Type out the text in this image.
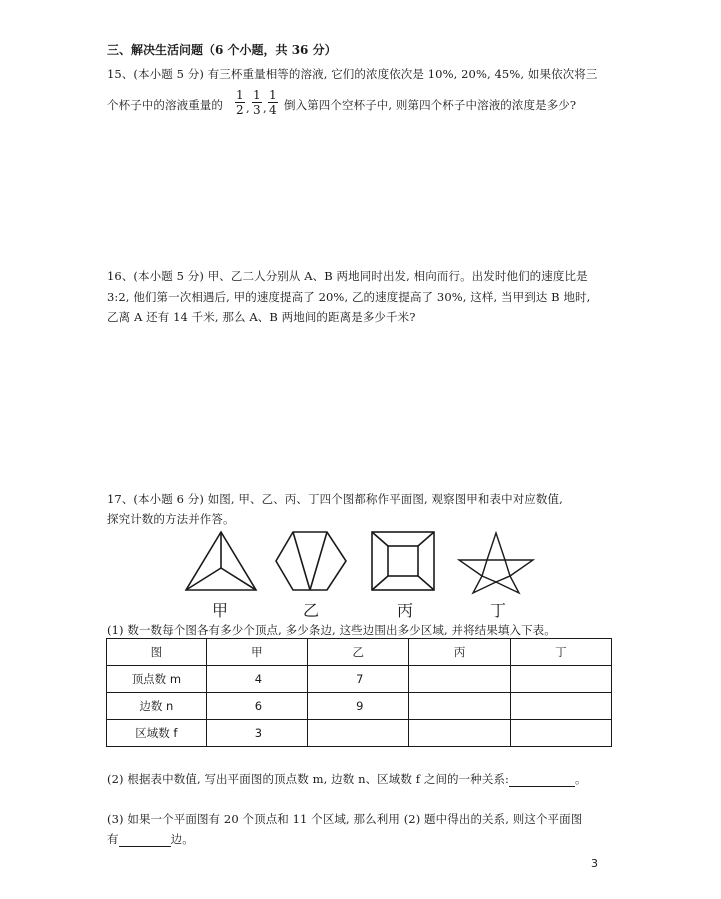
三、解决生活问题（6 个小题，共 36 分）
15、(本小题 5 分) 有三杯重量相等的溶液, 它们的浓度依次是 10%, 20%, 45%, 如果依次将三
个杯子中的溶液重量的 $\frac{1}{2}$ , $\frac{1}{3}$ , $\frac{1}{4}$ 倒入第四个空杯子中, 则第四个杯子中溶液的浓度是多少?
16、(本小题 5 分) 甲、乙二人分别从 A、B 两地同时出发, 相向而行。出发时他们的速度比是
3:2, 他们第一次相遇后, 甲的速度提高了 20%, 乙的速度提高了 30%, 这样, 当甲到达 B 地时,
乙离 A 还有 14 千米, 那么 A、B 两地间的距离是多少千米?
17、(本小题 6 分) 如图, 甲、乙、丙、丁四个图都称作平面图, 观察图甲和表中对应数值,
探究计数的方法并作答。
甲	乙	丙	丁
(1) 数一数每个图各有多少个顶点, 多少条边, 这些边围出多少区域, 并将结果填入下表。
图	甲	乙	丙	丁
顶点数 m	4	7		
边数 n	6	9		
区域数 f	3			
(2) 根据表中数值, 写出平面图的顶点数 m, 边数 n、区域数 f 之间的一种关系:	。
(3) 如果一个平面图有 20 个顶点和 11 个区域, 那么利用 (2) 题中得出的关系, 则这个平面图
有	边。
3
